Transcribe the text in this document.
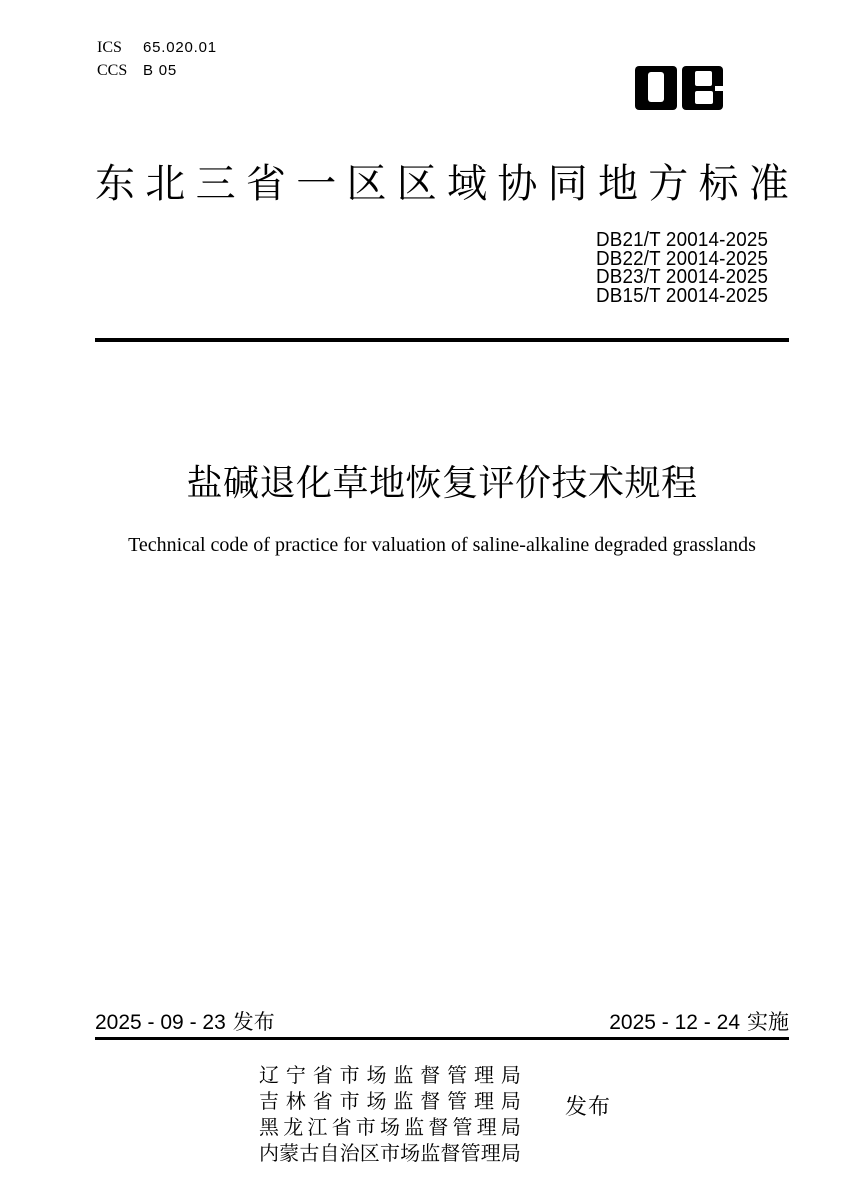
ICS	65.020.01
CCS	B 05
东 北 三 省 一 区 区 域 协 同 地 方 标 准
DB21/T 20014-2025
DB22/T 20014-2025
DB23/T 20014-2025
DB15/T 20014-2025
盐碱退化草地恢复评价技术规程
Technical code of practice for valuation of saline-alkaline degraded grasslands
2025 - 09 - 23 发布	2025 - 12 - 24 实施
辽 宁 省 市 场 监 督 管 理 局
吉 林 省 市 场 监 督 管 理 局
黑 龙 江 省 市 场 监 督 管 理 局
内 蒙 古 自 治 区 市 场 监 督 管 理 局
发布
